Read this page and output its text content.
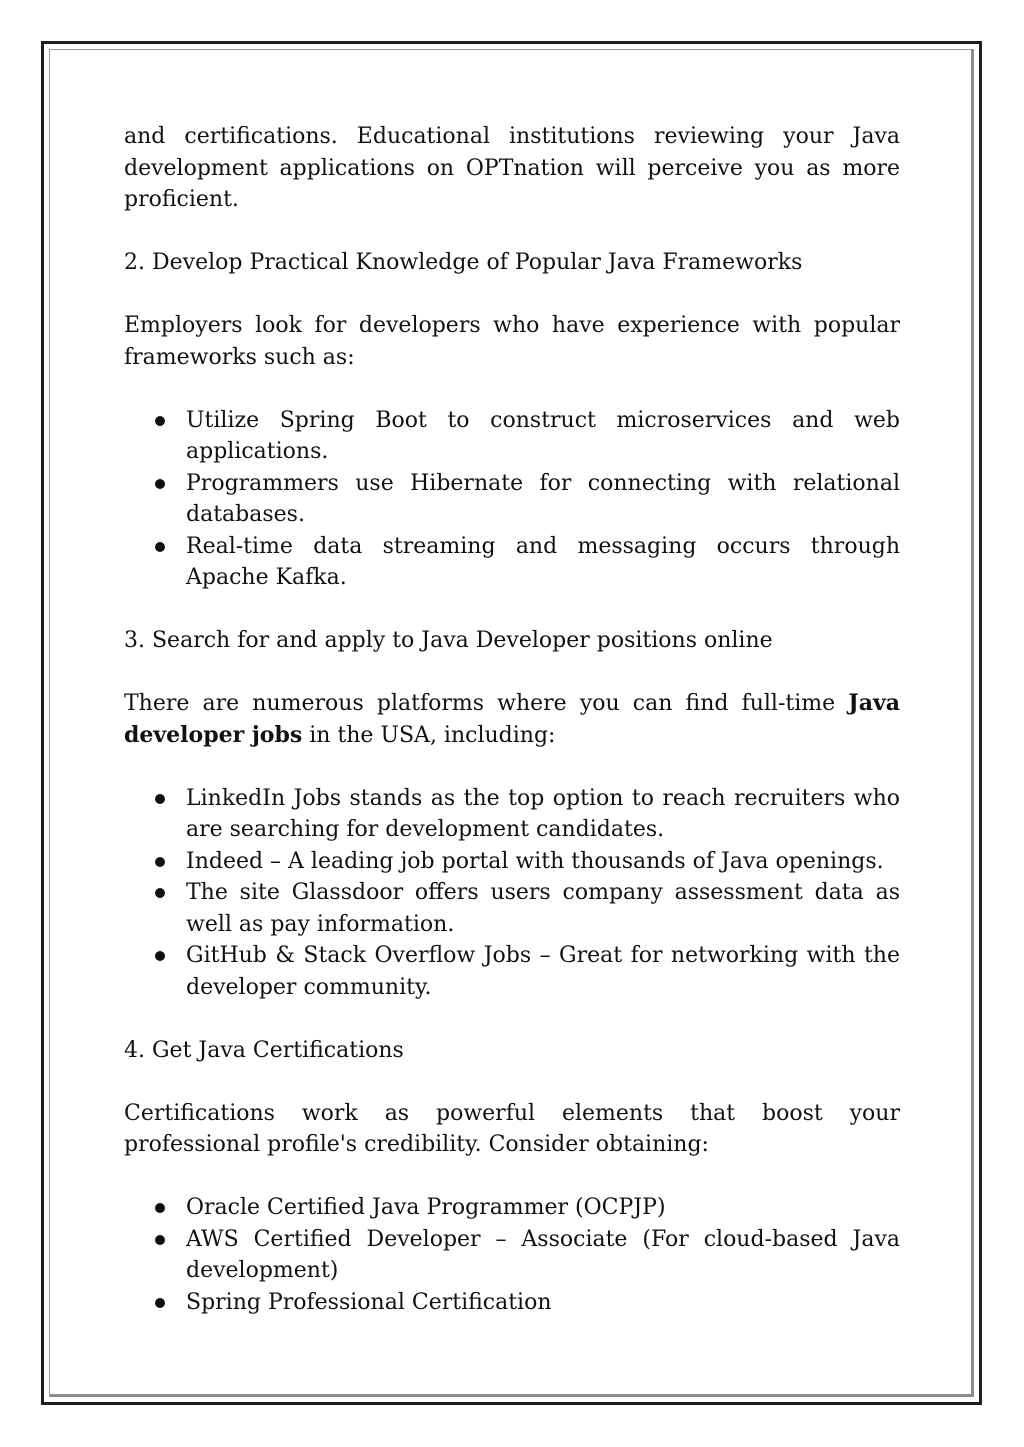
and certifications. Educational institutions reviewing your Java development applications on OPTnation will perceive you as more proficient.

2. Develop Practical Knowledge of Popular Java Frameworks

Employers look for developers who have experience with popular frameworks such as:

Utilize Spring Boot to construct microservices and web applications.
Programmers use Hibernate for connecting with relational databases.
Real-time data streaming and messaging occurs through Apache Kafka.

3. Search for and apply to Java Developer positions online

There are numerous platforms where you can find full-time Java developer jobs in the USA, including:

LinkedIn Jobs stands as the top option to reach recruiters who are searching for development candidates.
Indeed – A leading job portal with thousands of Java openings.
The site Glassdoor offers users company assessment data as well as pay information.
GitHub & Stack Overflow Jobs – Great for networking with the developer community.

4. Get Java Certifications

Certifications work as powerful elements that boost your professional profile's credibility. Consider obtaining:

Oracle Certified Java Programmer (OCPJP)
AWS Certified Developer – Associate (For cloud-based Java development)
Spring Professional Certification
